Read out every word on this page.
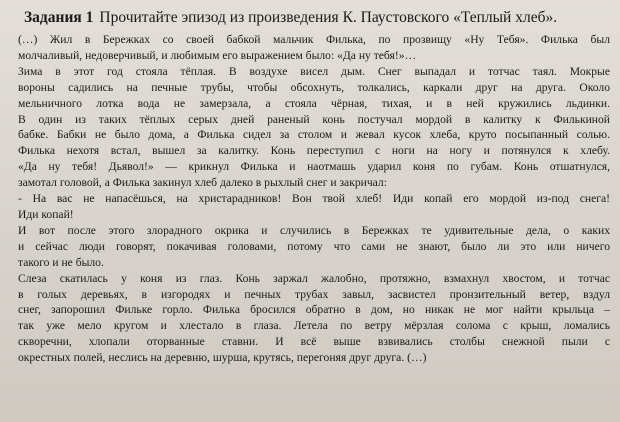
Задания 1 Прочитайте эпизод из произведения К. Паустовского «Теплый хлеб».
(…) Жил в Бережках со своей бабкой мальчик Филька, по прозвищу «Ну Тебя». Филька был
молчаливый, недоверчивый, и любимым его выражением было: «Да ну тебя!»…
Зима в этот год стояла тёплая. В воздухе висел дым. Снег выпадал и тотчас таял. Мокрые
вороны садились на печные трубы, чтобы обсохнуть, толкались, каркали друг на друга. Около
мельничного лотка вода не замерзала, а стояла чёрная, тихая, и в ней кружились льдинки.
В один из таких тёплых серых дней раненый конь постучал мордой в калитку к Филькиной
бабке. Бабки не было дома, а Филька сидел за столом и жевал кусок хлеба, круто посыпанный солью.
Филька нехотя встал, вышел за калитку. Конь переступил с ноги на ногу и потянулся к хлебу.
«Да ну тебя! Дьявол!» — крикнул Филька и наотмашь ударил коня по губам. Конь отшатнулся,
замотал головой, а Филька закинул хлеб далеко в рыхлый снег и закричал:
- На вас не напасёшься, на христарадников! Вон твой хлеб! Иди копай его мордой из-под снега!
Иди копай!
И вот после этого злорадного окрика и случились в Бережках те удивительные дела, о каких
и сейчас люди говорят, покачивая головами, потому что сами не знают, было ли это или ничего
такого и не было.
Слеза скатилась у коня из глаз. Конь заржал жалобно, протяжно, взмахнул хвостом, и тотчас
в голых деревьях, в изгородях и печных трубах завыл, засвистел пронзительный ветер, вздул
снег, запорошил Фильке горло. Филька бросился обратно в дом, но никак не мог найти крыльца –
так уже мело кругом и хлестало в глаза. Летела по ветру мёрзлая солома с крыш, ломались
скворечни, хлопали оторванные ставни. И всё выше взвивались столбы снежной пыли с
окрестных полей, неслись на деревню, шурша, крутясь, перегоняя друг друга. (…)
